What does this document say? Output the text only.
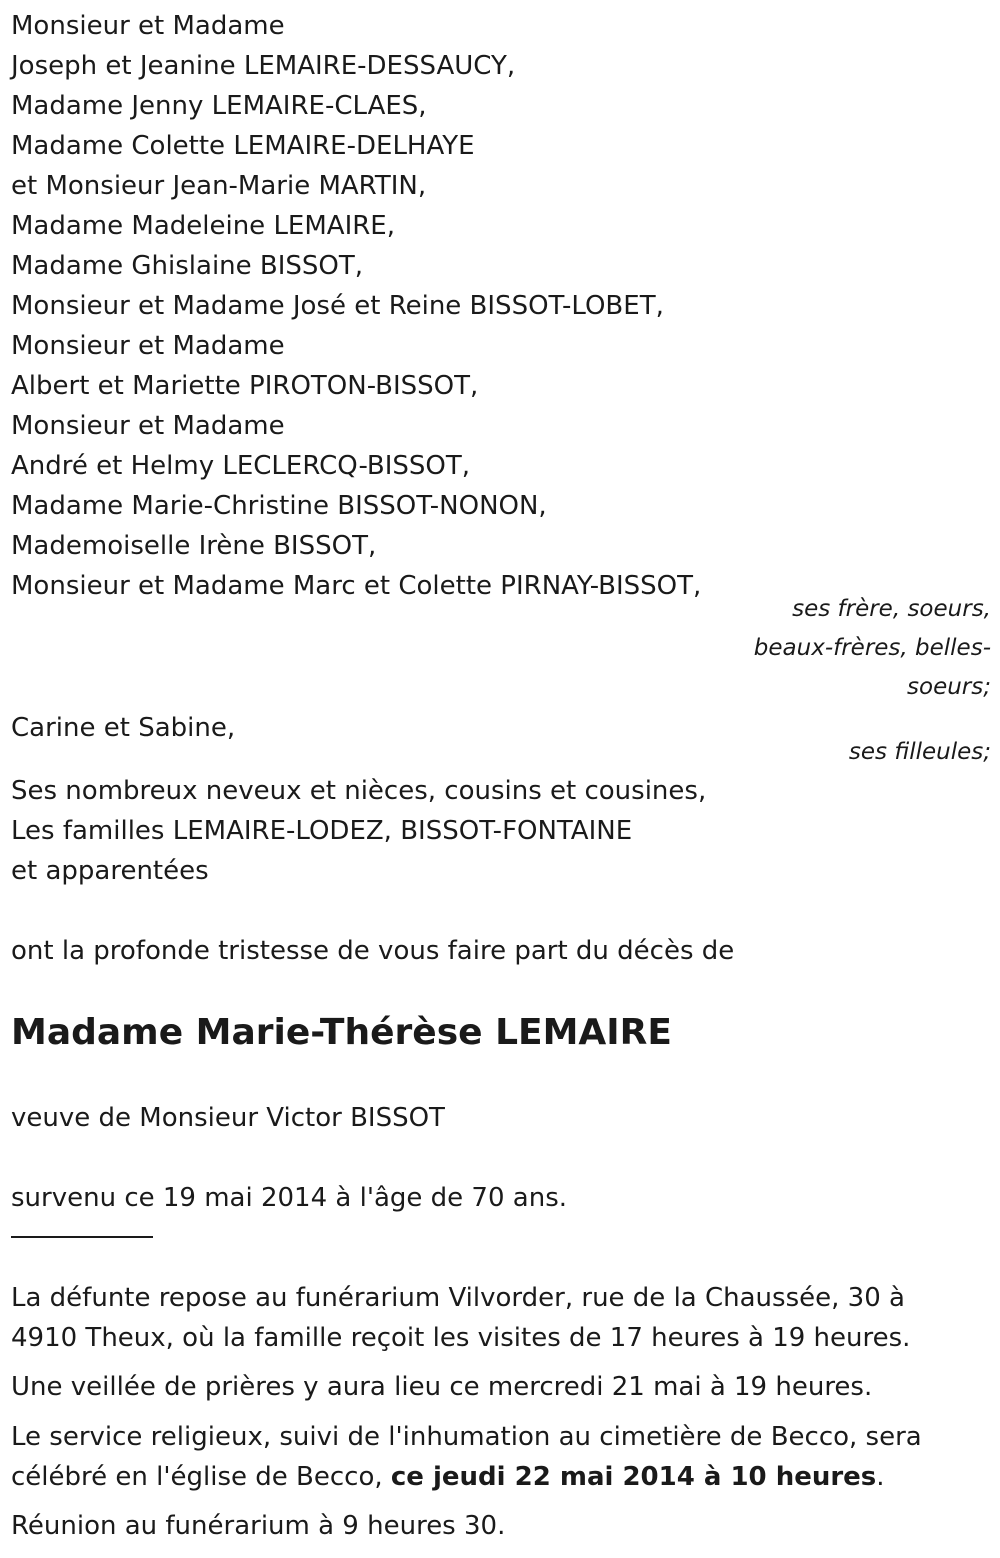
Monsieur et Madame
Joseph et Jeanine LEMAIRE-DESSAUCY,
Madame Jenny LEMAIRE-CLAES,
Madame Colette LEMAIRE-DELHAYE
et Monsieur Jean-Marie MARTIN,
Madame Madeleine LEMAIRE,
Madame Ghislaine BISSOT,
Monsieur et Madame José et Reine BISSOT-LOBET,
Monsieur et Madame
Albert et Mariette PIROTON-BISSOT,
Monsieur et Madame
André et Helmy LECLERCQ-BISSOT,
Madame Marie-Christine BISSOT-NONON,
Mademoiselle Irène BISSOT,
Monsieur et Madame Marc et Colette PIRNAY-BISSOT,
ses frère, soeurs,
beaux-frères, belles-
soeurs;
Carine et Sabine,
ses filleules;
Ses nombreux neveux et nièces, cousins et cousines,
Les familles LEMAIRE-LODEZ, BISSOT-FONTAINE
et apparentées
ont la profonde tristesse de vous faire part du décès de
Madame Marie-Thérèse LEMAIRE
veuve de Monsieur Victor BISSOT
survenu ce 19 mai 2014 à l'âge de 70 ans.
La défunte repose au funérarium Vilvorder, rue de la Chaussée, 30 à
4910 Theux, où la famille reçoit les visites de 17 heures à 19 heures.
Une veillée de prières y aura lieu ce mercredi 21 mai à 19 heures.
Le service religieux, suivi de l'inhumation au cimetière de Becco, sera
célébré en l'église de Becco, ce jeudi 22 mai 2014 à 10 heures.
Réunion au funérarium à 9 heures 30.
